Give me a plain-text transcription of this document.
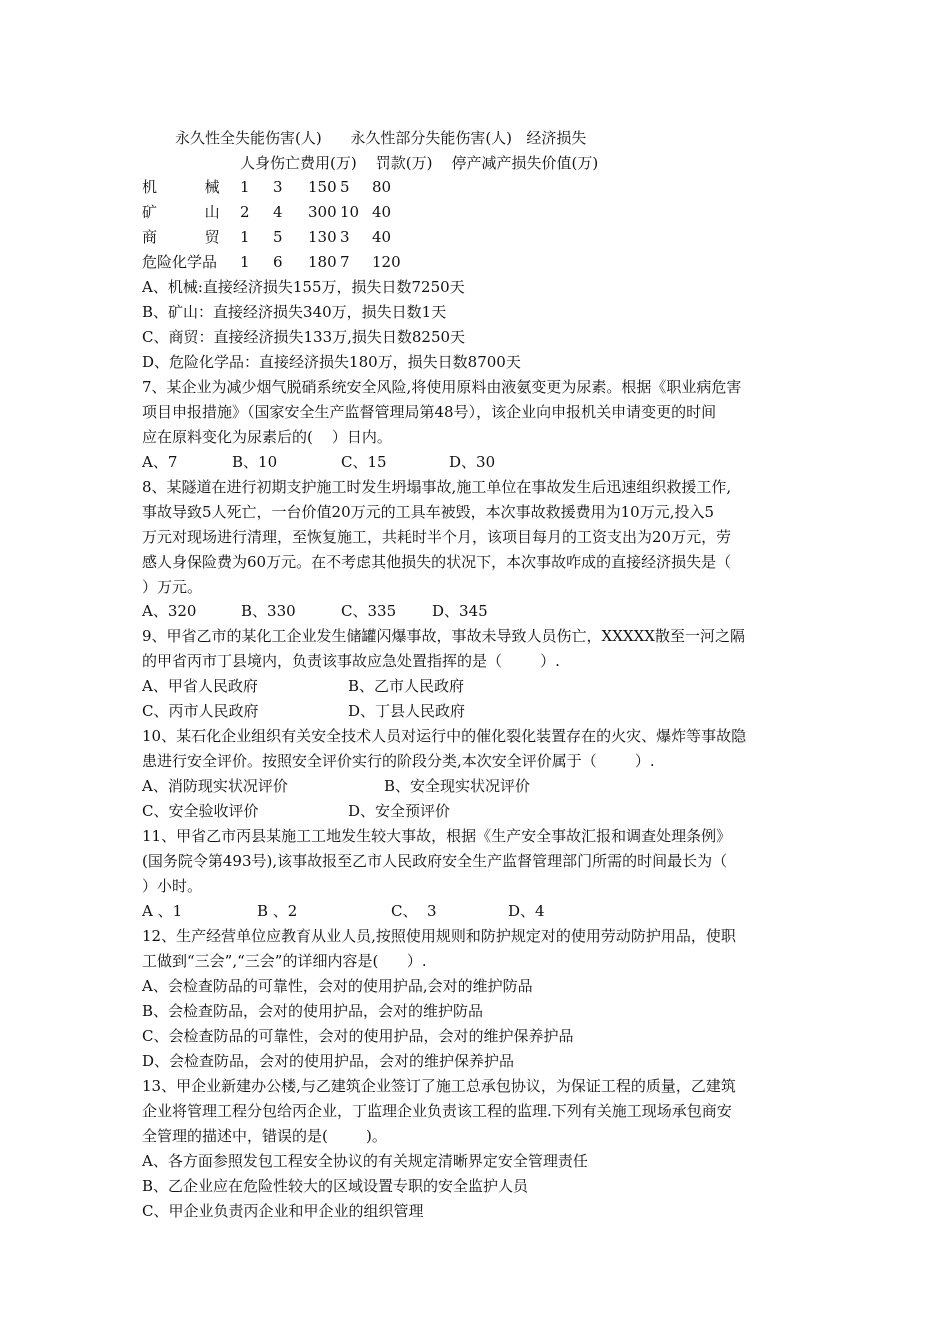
永久性全失能伤害(人)      永久性部分失能伤害(人)   经济损失
人身伤亡费用(万)    罚款(万)    停产减产损失价值(万)
机          械 1 3 150 5 80
矿          山 2 4 300 10 40
商          贸 1 5 130 3 40
危险化学品 1 6 180 7 120
A、机械:直接经济损失155万，损失日数7250天
B、矿山：直接经济损失340万，损失日数1天
C、商贸：直接经济损失133万,损失日数8250天
D、危险化学品：直接经济损失180万，损失日数8700天
7、某企业为减少烟气脱硝系统安全风险,将使用原料由液氨变更为尿素。根据《职业病危害
项目申报措施》（国家安全生产监督管理局第48号），该企业向申报机关申请变更的时间
应在原料变化为尿素后的(    ）日内。
A、7	B、10	C、15	D、30
8、某隧道在进行初期支护施工时发生坍塌事故,施工单位在事故发生后迅速组织救援工作,
事故导致5人死亡，一台价值20万元的工具车被毁，本次事故救援费用为10万元,投入5
万元对现场进行清理，至恢复施工，共耗时半个月，该项目每月的工资支出为20万元，劳
感人身保险费为60万元。在不考虑其他损失的状况下，本次事故咋成的直接经济损失是（
）万元。
A、320	B、330	C、335 D、345
9、甲省乙市的某化工企业发生储罐闪爆事故，事故未导致人员伤亡，XXXXX散至一河之隔
的甲省丙市丁县境内，负责该事故应急处置指挥的是（        ）.
A、甲省人民政府	B、乙市人民政府
C、丙市人民政府	D、丁县人民政府
10、某石化企业组织有关安全技术人员对运行中的催化裂化装置存在的火灾、爆炸等事故隐
患进行安全评价。按照安全评价实行的阶段分类,本次安全评价属于（        ）.
A、消防现实状况评价	B、安全现实状况评价
C、安全验收评价	D、安全预评价
11、甲省乙市丙县某施工工地发生较大事故，根据《生产安全事故汇报和调查处理条例》
(国务院令第493号),该事故报至乙市人民政府安全生产监督管理部门所需的时间最长为（
）小时。
A 、1	B 、2	C、  3	D、4
12、生产经营单位应教育从业人员,按照使用规则和防护规定对的使用劳动防护用品，使职
工做到“三会”,“三会”的详细内容是(      ）.
A、会检查防品的可靠性，会对的使用护品,会对的维护防品
B、会检查防品，会对的使用护品，会对的维护防品
C、会检查防品的可靠性，会对的使用护品，会对的维护保养护品
D、会检查防品，会对的使用护品，会对的维护保养护品
13、甲企业新建办公楼,与乙建筑企业签订了施工总承包协议，为保证工程的质量，乙建筑
企业将管理工程分包给丙企业，丁监理企业负责该工程的监理.下列有关施工现场承包商安
全管理的描述中，错误的是(        )。
A、各方面参照发包工程安全协议的有关规定清晰界定安全管理责任
B、乙企业应在危险性较大的区域设置专职的安全监护人员
C、甲企业负责丙企业和甲企业的组织管理
